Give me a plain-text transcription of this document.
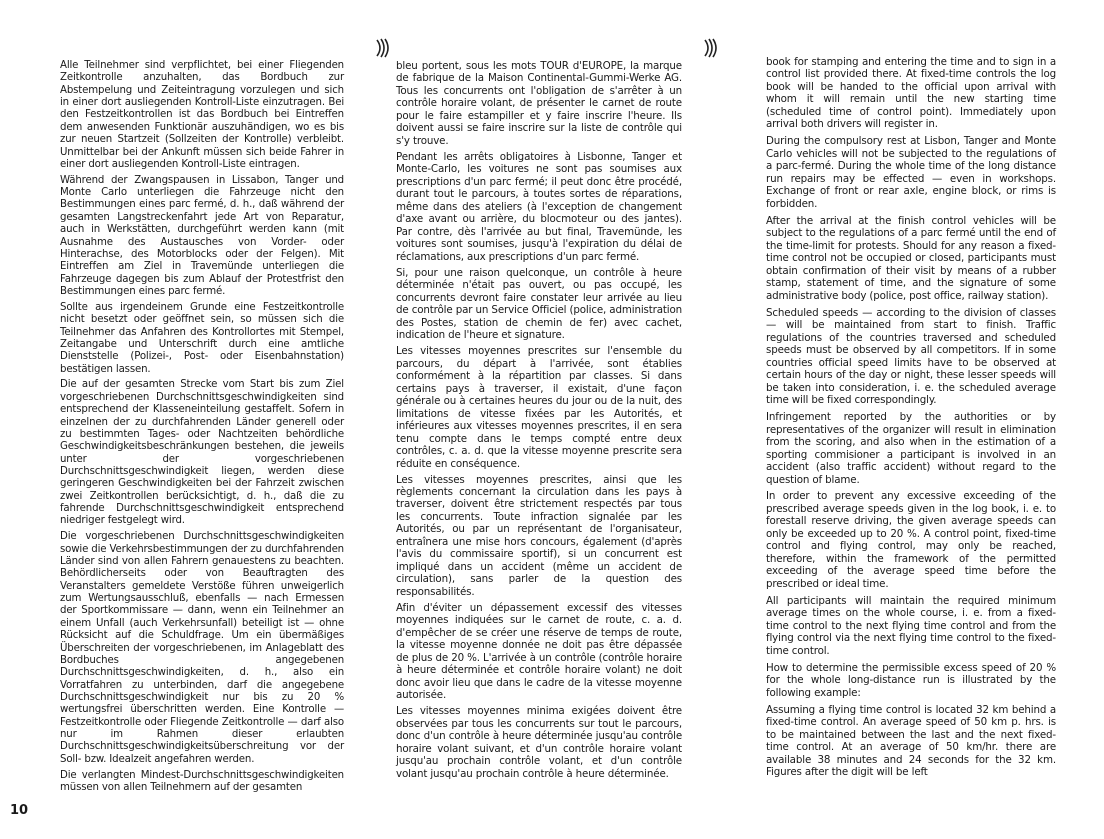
Alle Teilnehmer sind verpflichtet, bei einer Fliegenden Zeitkontrolle anzuhalten, das Bordbuch zur Abstempelung und Zeiteintragung vorzulegen und sich in einer dort ausliegenden Kontroll-Liste einzutragen. Bei den Festzeitkontrollen ist das Bordbuch bei Eintreffen dem anwesenden Funktionär auszuhändigen, wo es bis zur neuen Startzeit (Sollzeiten der Kontrolle) verbleibt. Unmittelbar bei der Ankunft müssen sich beide Fahrer in einer dort ausliegenden Kontroll-Liste eintragen.

Während der Zwangspausen in Lissabon, Tanger und Monte Carlo unterliegen die Fahrzeuge nicht den Bestimmungen eines parc fermé, d. h., daß während der gesamten Langstreckenfahrt jede Art von Reparatur, auch in Werkstätten, durchgeführt werden kann (mit Ausnahme des Austausches von Vorder- oder Hinterachse, des Motorblocks oder der Felgen). Mit Eintreffen am Ziel in Travemünde unterliegen die Fahrzeuge dagegen bis zum Ablauf der Protestfrist den Bestimmungen eines parc fermé.

Sollte aus irgendeinem Grunde eine Festzeitkontrolle nicht besetzt oder geöffnet sein, so müssen sich die Teilnehmer das Anfahren des Kontrollortes mit Stempel, Zeitangabe und Unterschrift durch eine amtliche Dienststelle (Polizei-, Post- oder Eisenbahnstation) bestätigen lassen.

Die auf der gesamten Strecke vom Start bis zum Ziel vorgeschriebenen Durchschnittsgeschwindigkeiten sind entsprechend der Klasseneinteilung gestaffelt. Sofern in einzelnen der zu durchfahrenden Länder generell oder zu bestimmten Tages- oder Nachtzeiten behördliche Geschwindigkeitsbeschränkungen bestehen, die jeweils unter der vorgeschriebenen Durchschnittsgeschwindigkeit liegen, werden diese geringeren Geschwindigkeiten bei der Fahrzeit zwischen zwei Zeitkontrollen berücksichtigt, d. h., daß die zu fahrende Durchschnittsgeschwindigkeit entsprechend niedriger festgelegt wird.

Die vorgeschriebenen Durchschnittsgeschwindigkeiten sowie die Verkehrsbestimmungen der zu durchfahrenden Länder sind von allen Fahrern genauestens zu beachten. Behördlicherseits oder von Beauftragten des Veranstalters gemeldete Verstöße führen unweigerlich zum Wertungsausschluß, ebenfalls — nach Ermessen der Sportkommissare — dann, wenn ein Teilnehmer an einem Unfall (auch Verkehrsunfall) beteiligt ist — ohne Rücksicht auf die Schuldfrage. Um ein übermäßiges Überschreiten der vorgeschriebenen, im Anlageblatt des Bordbuches angegebenen Durchschnittsgeschwindigkeiten, d. h., also ein Vorratfahren zu unterbinden, darf die angegebene Durchschnittsgeschwindigkeit nur bis zu 20 % wertungsfrei überschritten werden. Eine Kontrolle — Festzeitkontrolle oder Fliegende Zeitkontrolle — darf also nur im Rahmen dieser erlaubten Durchschnittsgeschwindigkeitsüberschreitung vor der Soll- bzw. Idealzeit angefahren werden.

Die verlangten Mindest-Durchschnittsgeschwindigkeiten müssen von allen Teilnehmern auf der gesamten

bleu portent, sous les mots TOUR d'EUROPE, la marque de fabrique de la Maison Continental-Gummi-Werke AG. Tous les concurrents ont l'obligation de s'arrêter à un contrôle horaire volant, de présenter le carnet de route pour le faire estampiller et y faire inscrire l'heure. Ils doivent aussi se faire inscrire sur la liste de contrôle qui s'y trouve.

Pendant les arrêts obligatoires à Lisbonne, Tanger et Monte-Carlo, les voitures ne sont pas soumises aux prescriptions d'un parc fermé; il peut donc être procédé, durant tout le parcours, à toutes sortes de réparations, même dans des ateliers (à l'exception de changement d'axe avant ou arrière, du blocmoteur ou des jantes). Par contre, dès l'arrivée au but final, Travemünde, les voitures sont soumises, jusqu'à l'expiration du délai de réclamations, aux prescriptions d'un parc fermé.

Si, pour une raison quelconque, un contrôle à heure déterminée n'était pas ouvert, ou pas occupé, les concurrents devront faire constater leur arrivée au lieu de contrôle par un Service Officiel (police, administration des Postes, station de chemin de fer) avec cachet, indication de l'heure et signature.

Les vitesses moyennes prescrites sur l'ensemble du parcours, du départ à l'arrivée, sont établies conformément à la répartition par classes. Si dans certains pays à traverser, il existait, d'une façon générale ou à certaines heures du jour ou de la nuit, des limitations de vitesse fixées par les Autorités, et inférieures aux vitesses moyennes prescrites, il en sera tenu compte dans le temps compté entre deux contrôles, c. a. d. que la vitesse moyenne prescrite sera réduite en conséquence.

Les vitesses moyennes prescrites, ainsi que les règlements concernant la circulation dans les pays à traverser, doivent être strictement respectés par tous les concurrents. Toute infraction signalée par les Autorités, ou par un représentant de l'organisateur, entraînera une mise hors concours, également (d'après l'avis du commissaire sportif), si un concurrent est impliqué dans un accident (même un accident de circulation), sans parler de la question des responsabilités.

Afin d'éviter un dépassement excessif des vitesses moyennes indiquées sur le carnet de route, c. a. d. d'empêcher de se créer une réserve de temps de route, la vitesse moyenne donnée ne doit pas être dépassée de plus de 20 %. L'arrivée à un contrôle (contrôle horaire à heure déterminée et contrôle horaire volant) ne doit donc avoir lieu que dans le cadre de la vitesse moyenne autorisée.

Les vitesses moyennes minima exigées doivent être observées par tous les concurrents sur tout le parcours, donc d'un contrôle à heure déterminée jusqu'au contrôle horaire volant suivant, et d'un contrôle horaire volant jusqu'au prochain contrôle volant, et d'un contrôle volant jusqu'au prochain contrôle à heure déterminée.

book for stamping and entering the time and to sign in a control list provided there. At fixed-time controls the log book will be handed to the official upon arrival with whom it will remain until the new starting time (scheduled time of control point). Immediately upon arrival both drivers will register in.

During the compulsory rest at Lisbon, Tanger and Monte Carlo vehicles will not be subjected to the regulations of a parc-fermé. During the whole time of the long distance run repairs may be effected — even in workshops. Exchange of front or rear axle, engine block, or rims is forbidden.

After the arrival at the finish control vehicles will be subject to the regulations of a parc fermé until the end of the time-limit for protests. Should for any reason a fixed-time control not be occupied or closed, participants must obtain confirmation of their visit by means of a rubber stamp, statement of time, and the signature of some administrative body (police, post office, railway station).

Scheduled speeds — according to the division of classes — will be maintained from start to finish. Traffic regulations of the countries traversed and scheduled speeds must be observed by all competitors. If in some countries official speed limits have to be observed at certain hours of the day or night, these lesser speeds will be taken into consideration, i. e. the scheduled average time will be fixed correspondingly.

Infringement reported by the authorities or by representatives of the organizer will result in elimination from the scoring, and also when in the estimation of a sporting commisioner a participant is involved in an accident (also traffic accident) without regard to the question of blame.

In order to prevent any excessive exceeding of the prescribed average speeds given in the log book, i. e. to forestall reserve driving, the given average speeds can only be exceeded up to 20 %. A control point, fixed-time control and flying control, may only be reached, therefore, within the framework of the permitted exceeding of the average speed time before the prescribed or ideal time.

All participants will maintain the required minimum average times on the whole course, i. e. from a fixed-time control to the next flying time control and from the flying control via the next flying time control to the fixed-time control.

How to determine the permissible excess speed of 20 % for the whole long-distance run is illustrated by the following example:

Assuming a flying time control is located 32 km behind a fixed-time control. An average speed of 50 km p. hrs. is to be maintained between the last and the next fixed-time control. At an average of 50 km/hr. there are available 38 minutes and 24 seconds for the 32 km. Figures after the digit will be left

10
